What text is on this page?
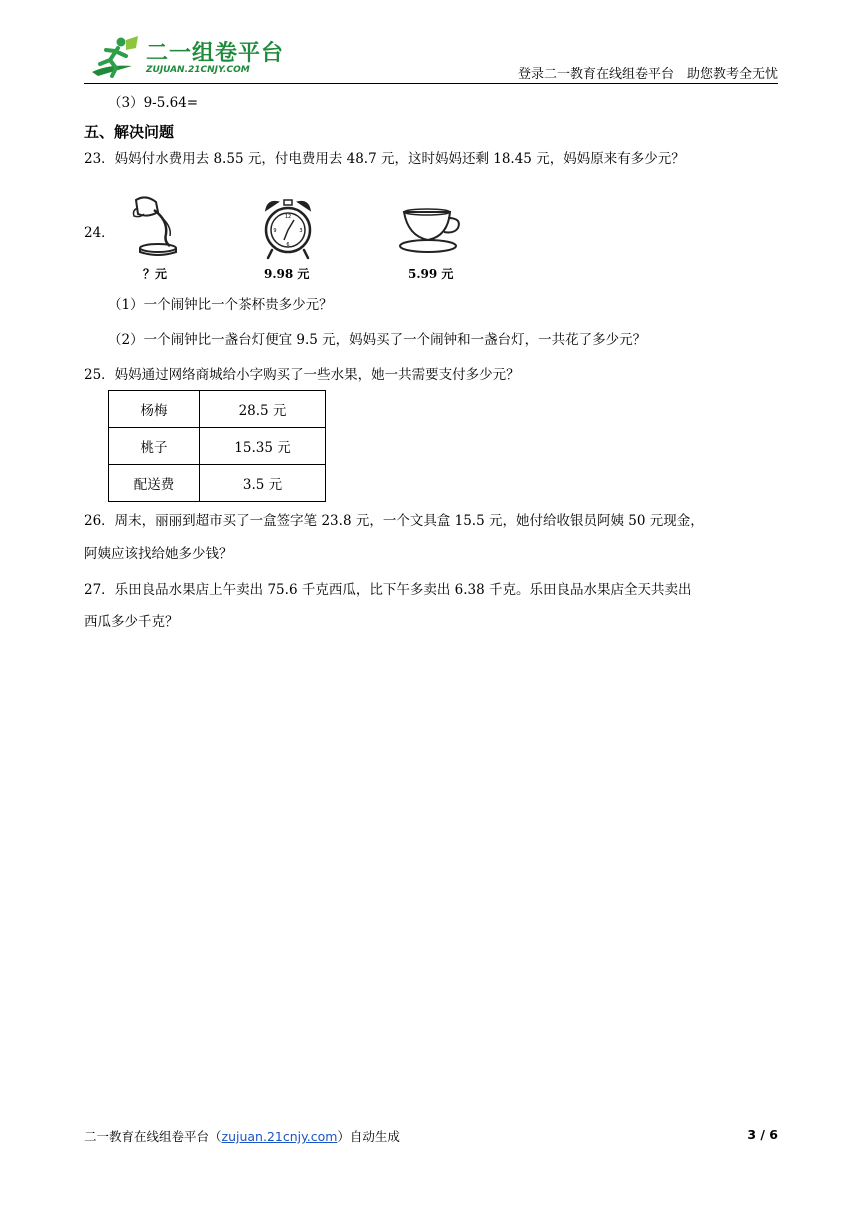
二一组卷平台
ZUJUAN.21CNJY.COM	登录二一教育在线组卷平台　助您教考全无忧
（3）9-5.64=
五、解决问题
23．妈妈付水费用去 8.55 元，付电费用去 48.7 元，这时妈妈还剩 18.45 元，妈妈原来有多少元？
24．
12
3
6
9
？元	9.98 元	5.99 元
（1）一个闹钟比一个茶杯贵多少元？
（2）一个闹钟比一盏台灯便宜 9.5 元，妈妈买了一个闹钟和一盏台灯，一共花了多少元？
25．妈妈通过网络商城给小字购买了一些水果，她一共需要支付多少元？
杨梅	28.5 元
桃子	15.35 元
配送费	3.5 元
26．周末，丽丽到超市买了一盒签字笔 23.8 元，一个文具盒 15.5 元，她付给收银员阿姨 50 元现金，
阿姨应该找给她多少钱？
27．乐田良品水果店上午卖出 75.6 千克西瓜，比下午多卖出 6.38 千克。乐田良品水果店全天共卖出
西瓜多少千克？
二一教育在线组卷平台（zujuan.21cnjy.com）自动生成	3 / 6
